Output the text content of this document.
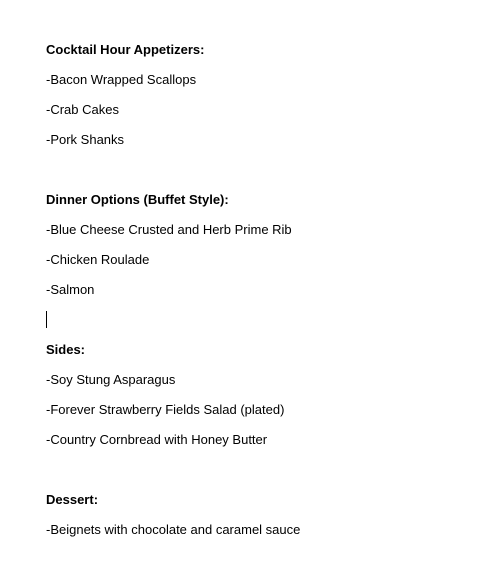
Cocktail Hour Appetizers:
-Bacon Wrapped Scallops
-Crab Cakes
-Pork Shanks
Dinner Options (Buffet Style):
-Blue Cheese Crusted and Herb Prime Rib
-Chicken Roulade
-Salmon
Sides:
-Soy Stung Asparagus
-Forever Strawberry Fields Salad (plated)
-Country Cornbread with Honey Butter
Dessert:
-Beignets with chocolate and caramel sauce
